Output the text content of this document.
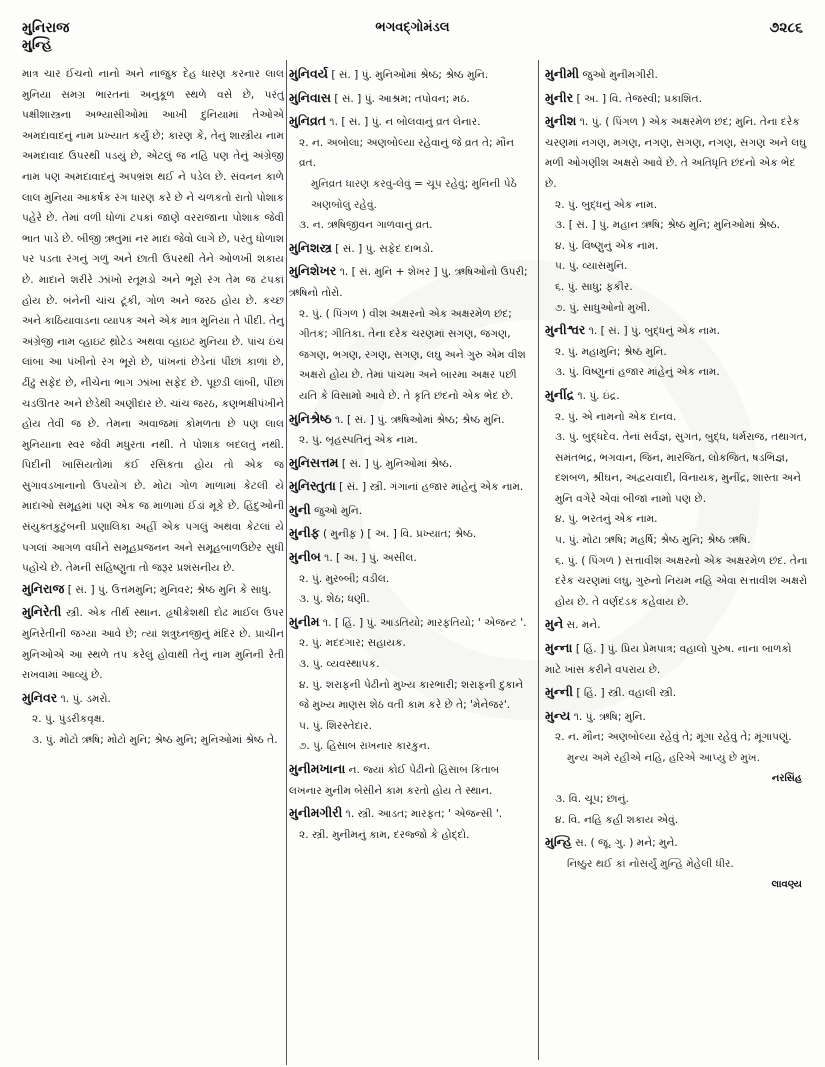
મુનિરાજ
મુન્હિ
ભગવદ્ગોમંડલ	૭૨૮૬
માત્ર ચાર ઈંચનો નાનો અને નાજુક દેહ ધારણ કરનાર લાલ મુનિયા સમગ્ર ભારતનાં અનુકૂળ સ્થળે વસે છે, પરંતુ પક્ષીશાસ્ત્રના અભ્યાસીઓમાં આખી દુનિયામાં તેઓએ અમદાવાદનું નામ પ્રખ્યાત કર્યું છે; કારણ કે, તેનું શાસ્ત્રીય નામ અમદાવાદ ઉપરથી પડયું છે, એટલું જ નહિ પણ તેનું અંગ્રેજી નામ પણ અમદાવાદનું અપભ્રંશ થઈ ને પડેલ છે. સંવનન કાળે લાલ મુનિયા આકર્ષક રંગ ધારણ કરે છે ને ચળકતો રાતો પોશાક પહેરે છે. તેમાં વળી ધોળાં ટપકાં જાણે વરરાજાના પોશાક જેવી ભાત પાડે છે. બીજી ઋતુમાં નર માદા જેવો લાગે છે, પરંતુ ધોળાશ પર પડતા રંગનું ગળું અને છાતી ઉપરથી તેને ઓળખી શકાય છે. માદાને શરીરે ઝાંખો રતૂમડો અને ભૂરો રંગ તેમ જ ટપકાં હોય છે. બંનેની ચાંચ ટૂંકી, ગોળ અને જરઠ હોય છે. કચ્છ અને કાઠિયાવાડના વ્યાપક અને એક માત્ર મુનિયા તે પીદી. તેનુ અંગ્રેજી નામ વ્હાઇટ થ્રોટેડ અથવા વ્હાઇટ મુનિયા છે. પાંચ ઇંચ લાંબા આ પંખીનો રંગ ભૂરો છે, પાંખનાં છેડેનાં પીંછાં કાળાં છે, ઢીંઢું સફેદ છે, નીચેના ભાગ ઝાંખા સફેદ છે. પૂછડી લાંબી, પીંછાં ચડઊતર અને છેડેથી અણીદાર છે. ચાંચ જરઠ, કણભક્ષીપંખીને હોય તેવી જ છે. તેમના અવાજમાં કોમળતા છે પણ લાલ મુનિયાના સ્વર જેવી મધુરતા નથી. તે પોશાક બદલતું નથી. પિદીની ખાસિયતોમાં કંઈ રસિકતા હોય તો એક જ સુગાવડખાનાનો ઉપયોગ છે. મોટા ગોળ માળામાં કેટલી યે માદાઓ સમૂહમાં પણ એક જ માળામાં ઈંડાં મૂકે છે. હિંદુઓની સંયુક્તકુટુંબની પ્રણાલિકા અહીં એક પગલું અથવા કેટલાં યે પગલાં આગળ વધીને સમૂહપ્રજનન અને સમૂહબાળઉછેર સુધી પહોંચે છે. તેમની સહિષ્ણુતા તો જરૂર પ્રશંસનીય છે.
મુનિરાજ [ સં. ] પું. ઉત્તમમુનિ; મુનિવર; શ્રેષ્ઠ મુનિ કે સાધુ.
મુનિરેતી સ્ત્રી. એક તીર્થ સ્થાન. હૃષીકેશથી દોઢ માઈલ ઉપર મુનિરેતીની જગ્યા આવે છે; ત્યાં શત્રુઘ્નજીનું મંદિર છે. પ્રાચીન મુનિઓએ આ સ્થળે તપ કરેલું હોવાથી તેનું નામ મુનિની રેતી રાખવામાં આવ્યું છે.
મુનિવર ૧. પું. ડમરો.
૨. પું. પુંડરીકવૃક્ષ.
૩. પું. મોટો ઋષિ; મોટો મુનિ; શ્રેષ્ઠ મુનિ; મુનિઓમાં શ્રેષ્ઠ તે.
મુનિવર્ય [ સં. ] પું. મુનિઓમાં શ્રેષ્ઠ; શ્રેષ્ઠ મુનિ.
મુનિવાસ [ સં. ] પું. આશ્રમ; તપોવન; મઠ.
મુનિવ્રત ૧. [ સં. ] પું. ન બોલવાનું વ્રત લેનાર.
૨. ન. અબોલા; અણબોલ્યા રહેવાનું જે વ્રત તે; મૌન વ્રત.
મુનિવ્રત ધારણ કરવું-લેવું = ચૂપ રહેવું; મુનિની પેઠે અણબોલું રહેવું.
૩. ન. ઋષિજીવન ગાળવાનું વ્રત.
મુનિશસ્ત્ર [ સં. ] પું. સફેદ દાભડો.
મુનિશેખર ૧. [ સં. મુનિ + શેખર ] પું. ઋષિઓનો ઉપરી; ઋષિનો તોરો.
૨. પું. ( પિંગળ ) વીશ અક્ષરનો એક અક્ષરમેળ છંદ; ગીતક; ગીતિકા. તેના દરેક ચરણમાં સગણ, જગણ, જગણ, ભગણ, રગણ, સગણ, લઘુ અને ગુરુ એમ વીશ અક્ષરો હોય છે. તેમાં પાંચમા અને બારમા અક્ષર પછી યતિ કે વિસામો આવે છે. તે કૃતિ છંદનો એક ભેદ છે.
મુનિશ્રેષ્ઠ ૧. [ સં. ] પું. ઋષિઓમાં શ્રેષ્ઠ; શ્રેષ્ઠ મુનિ.
૨. પું. બૃહસ્પતિનું એક નામ.
મુનિસત્તમ [ સં. ] પું. મુનિઓમાં શ્રેષ્ઠ.
મુનિસ્તુતા [ સં. ] સ્ત્રી. ગંગાનાં હજાર માંહેનું એક નામ.
મુની જુઓ મુનિ.
મુનીફ ( મુનીફ઼ ) [ અ. ] વિ. પ્રખ્યાત; શ્રેષ્ઠ.
મુનીબ ૧. [ અ. ] પું. અસીલ.
૨. પું. મુરબ્બી; વડીલ.
૩. પું. શેઠ; ધણી.
મુનીમ ૧. [ હિં. ] પું. આડતિયો; મારફતિયો; ' એજન્ટ '.
૨. પું. મદદગાર; સહાયક.
૩. પું. વ્યવસ્થાપક.
૪. પું. શરાફની પેઢીનો મુખ્ય કારભારી; શરાફની દુકાને જે મુખ્ય માણસ શેઠ વતી કામ કરે છે તે; 'મેનેજર'.
૫. પું. શિરસ્તેદાર.
૭. પું. હિસાબ રાખનાર કારકુન.
મુનીમખાના ન. જ્યાં કોઈ પેઢીનો હિસાબ કિતાબ લખનાર મુનીમ બેસીને કામ કરતો હોય તે સ્થાન.
મુનીમગીરી ૧. સ્ત્રી. આડત; મારફત; ' એજન્સી '.
૨. સ્ત્રી. મુનીમનું કામ, દરજ્જો કે હોદ્દો.
મુનીમી જુઓ મુનીમગીરી.
મુનીર [ અ. ] વિ. તેજસ્વી; પ્રકાશિત.
મુનીશ ૧. પું. ( પિંગળ ) એક અક્ષરમેળ છંદ; મુનિ. તેના દરેક ચરણમાં નગણ, મગણ, નગણ, સગણ, નગણ, સગણ અને લઘુ મળી ઓગણીશ અક્ષરો આવે છે. તે અતિધૃતિ છંદનો એક ભેદ છે.
૨. પું. બુદ્ધનું એક નામ.
૩. [ સં. ] પું. મહાન ઋષિ; શ્રેષ્ઠ મુનિ; મુનિઓમાં શ્રેષ્ઠ.
૪. પું. વિષ્ણુનું એક નામ.
૫. પું. વ્યાસમુનિ.
૬. પું. સાધુ; ફકીર.
૭. પું. સાધુઓનો મુખી.
મુનીશ્વર ૧. [ સં. ] પું. બુદ્ધનું એક નામ.
૨. પું. મહામુનિ; શ્રેષ્ઠ મુનિ.
૩. પું. વિષ્ણુનાં હજાર માંહેનું એક નામ.
મુનીંદ્ર ૧. પું. ઇંદ્ર.
૨. પું. એ નામનો એક દાનવ.
૩. પું. બુદ્ધદેવ. તેનાં સર્વજ્ઞ, સુગત, બુદ્ધ, ધર્મરાજ, તથાગત, સમંતભદ્ર, ભગવાન, જિન, મારજિત, લોકજિત, ષડભિજ્ઞ, દશબળ, શ્રીઘન, અદ્વયવાદી, વિનાયક, મુનીંદ્ર, શાસ્તા અને મુનિ વગેરે એવાં બીજાં નામો પણ છે.
૪. પું. ભરતનું એક નામ.
૫. પું. મોટા ઋષિ; મહર્ષિ; શ્રેષ્ઠ મુનિ; શ્રેષ્ઠ ઋષિ.
૬. પું. ( પિંગળ ) સત્તાવીશ અક્ષરનો એક અક્ષરમેળ છંદ. તેના દરેક ચરણમાં લઘુ, ગુરુનો નિયમ નહિ એવા સત્તાવીશ અક્ષરો હોય છે. તે વર્ણદંડક કહેવાય છે.
મુને સ. મને.
મુન્ના [ હિં. ] પું. પ્રિય પ્રેમપાત્ર; વહાલો પુરુષ. નાના બાળકો માટે ખાસ કરીને વપરાય છે.
મુન્ની [ હિં. ] સ્ત્રી. વહાલી સ્ત્રી.
મુન્ય ૧. પું. ઋષિ; મુનિ.
૨. ન. મૌન; અણબોલ્યા રહેવું તે; મૂંગા રહેવું તે; મૂંગાપણું.
મુન્ય અમે રહીએ નહિ, હરિએ આપ્યું છે મુખ.
નરસિંહ
૩. વિ. ચૂપ; છાનું.
૪. વિ. નહિ કહી શકાય એવું.
મુન્હિ સ. ( જૂ. ગુ. ) મને; મુને.
નિષ્ઠુર થઈ કાં નોસર્યું મુન્હિ મેહેલી ધીર.
લાવણ્ય
